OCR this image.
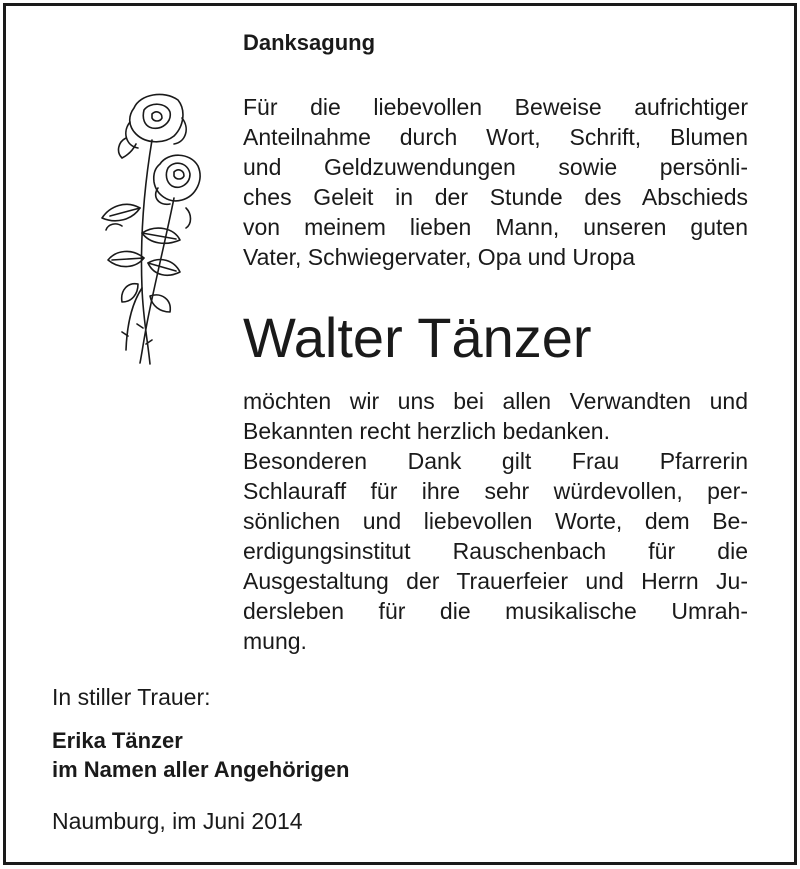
Danksagung
Für die liebevollen Beweise aufrichtiger
Anteilnahme durch Wort, Schrift, Blumen
und Geldzuwendungen sowie persönli-
ches Geleit in der Stunde des Abschieds
von meinem lieben Mann, unseren guten
Vater, Schwiegervater, Opa und Uropa
Walter Tänzer
möchten wir uns bei allen Verwandten und
Bekannten recht herzlich bedanken.
Besonderen Dank gilt Frau Pfarrerin
Schlauraff für ihre sehr würdevollen, per-
sönlichen und liebevollen Worte, dem Be-
erdigungsinstitut Rauschenbach für die
Ausgestaltung der Trauerfeier und Herrn Ju-
dersleben für die musikalische Umrah-
mung.
In stiller Trauer:
Erika Tänzer
im Namen aller Angehörigen
Naumburg, im Juni 2014
